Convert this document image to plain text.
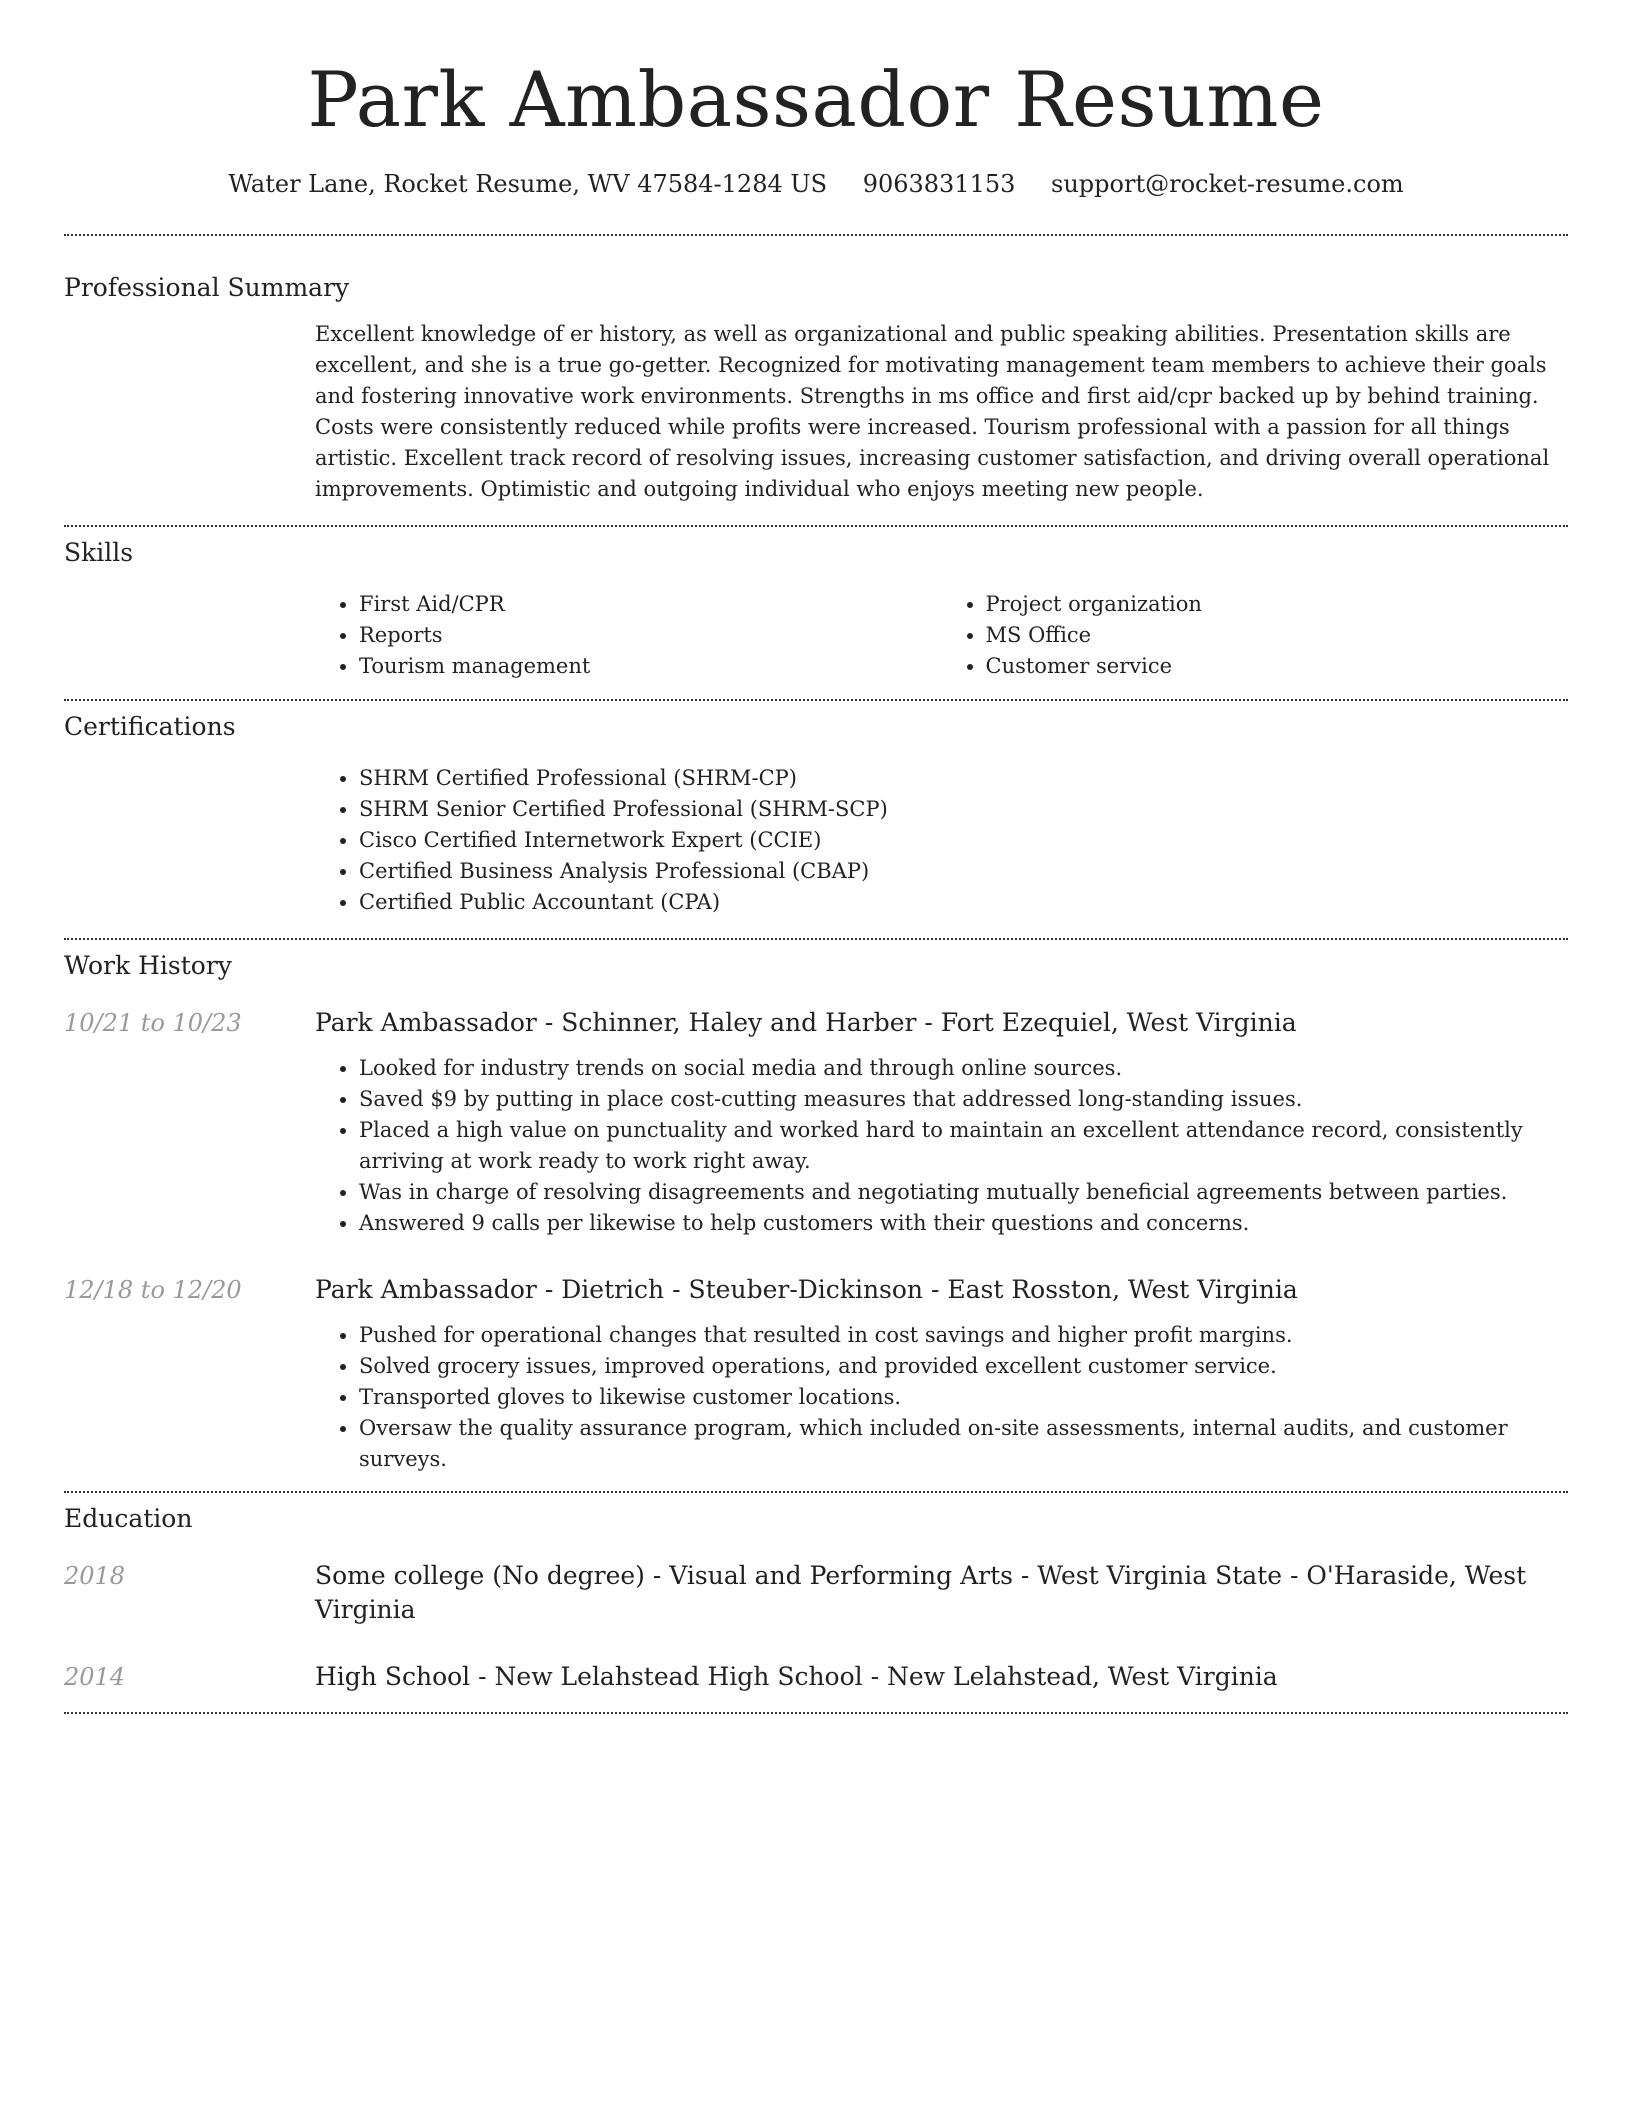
Park Ambassador Resume
Water Lane, Rocket Resume, WV 47584-1284 US 9063831153 support@rocket-resume.com
Professional Summary

Excellent knowledge of er history, as well as organizational and public speaking abilities. Presentation skills are excellent, and she is a true go-getter. Recognized for motivating management team members to achieve their goals and fostering innovative work environments. Strengths in ms office and first aid/cpr backed up by behind training. Costs were consistently reduced while profits were increased. Tourism professional with a passion for all things artistic. Excellent track record of resolving issues, increasing customer satisfaction, and driving overall operational improvements. Optimistic and outgoing individual who enjoys meeting new people.

Skills
• First Aid/CPR
• Reports
• Tourism management
• Project organization
• MS Office
• Customer service
Certifications
• SHRM Certified Professional (SHRM-CP)
• SHRM Senior Certified Professional (SHRM-SCP)
• Cisco Certified Internetwork Expert (CCIE)
• Certified Business Analysis Professional (CBAP)
• Certified Public Accountant (CPA)
Work History
10/21 to 10/23	Park Ambassador - Schinner, Haley and Harber - Fort Ezequiel, West Virginia
• Looked for industry trends on social media and through online sources.
• Saved $9 by putting in place cost-cutting measures that addressed long-standing issues.
• Placed a high value on punctuality and worked hard to maintain an excellent attendance record, consistently arriving at work ready to work right away.
• Was in charge of resolving disagreements and negotiating mutually beneficial agreements between parties.
• Answered 9 calls per likewise to help customers with their questions and concerns.
12/18 to 12/20	Park Ambassador - Dietrich - Steuber-Dickinson - East Rosston, West Virginia
• Pushed for operational changes that resulted in cost savings and higher profit margins.
• Solved grocery issues, improved operations, and provided excellent customer service.
• Transported gloves to likewise customer locations.
• Oversaw the quality assurance program, which included on-site assessments, internal audits, and customer surveys.
Education
2018	Some college (No degree) - Visual and Performing Arts - West Virginia State - O'Haraside, West Virginia
2014	High School - New Lelahstead High School - New Lelahstead, West Virginia
